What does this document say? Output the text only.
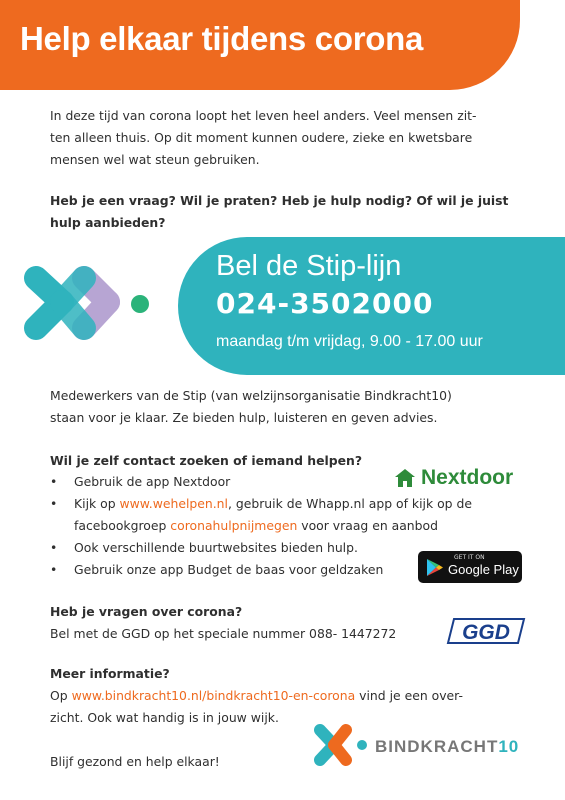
Help elkaar tijdens corona
In deze tijd van corona loopt het leven heel anders. Veel mensen zit-
ten alleen thuis. Op dit moment kunnen oudere, zieke en kwetsbare
mensen wel wat steun gebruiken.
Heb je een vraag? Wil je praten? Heb je hulp nodig? Of wil je juist
hulp aanbieden?
Bel de Stip-lijn
024-3502000
maandag t/m vrijdag, 9.00 - 17.00 uur
Medewerkers van de Stip (van welzijnsorganisatie Bindkracht10)
staan voor je klaar. Ze bieden hulp, luisteren en geven advies.
Wil je zelf contact zoeken of iemand helpen?
• Gebruik de app Nextdoor
• Kijk op www.wehelpen.nl, gebruik de Whapp.nl app of kijk op de
facebookgroep coronahulpnijmegen voor vraag en aanbod
• Ook verschillende buurtwebsites bieden hulp.
• Gebruik onze app Budget de baas voor geldzaken
Nextdoor
GET IT ON
Google Play
Heb je vragen over corona?
Bel met de GGD op het speciale nummer 088- 1447272	GGD
Meer informatie?
Op www.bindkracht10.nl/bindkracht10-en-corona vind je een over-
zicht. Ook wat handig is in jouw wijk.
BINDKRACHT10
Blijf gezond en help elkaar!
